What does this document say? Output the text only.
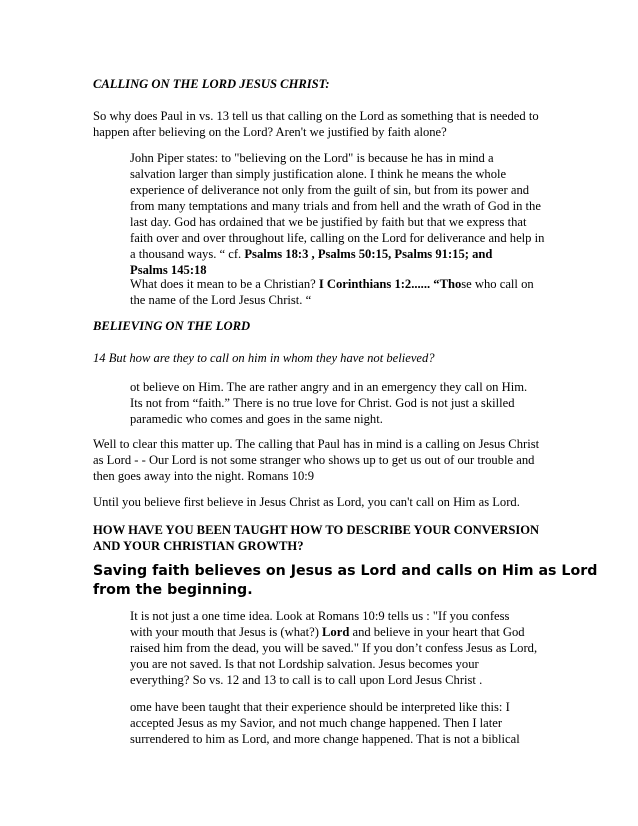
CALLING ON THE LORD JESUS CHRIST:

So why does Paul in vs. 13 tell us that calling on the Lord as something that is needed to
happen after believing on the Lord? Aren't we justified by faith alone?

John Piper states: to "believing on the Lord" is because he has in mind a
salvation larger than simply justification alone. I think he means the whole
experience of deliverance not only from the guilt of sin, but from its power and
from many temptations and many trials and from hell and the wrath of God in the
last day. God has ordained that we be justified by faith but that we express that
faith over and over throughout life, calling on the Lord for deliverance and help in
a thousand ways. “ cf. Psalms 18:3 , Psalms 50:15, Psalms 91:15; and
Psalms 145:18
What does it mean to be a Christian? I Corinthians 1:2...... “Those who call on
the name of the Lord Jesus Christ. “

BELIEVING ON THE LORD

14 But how are they to call on him in whom they have not believed?

ot believe on Him. The are rather angry and in an emergency they call on Him.
Its not from “faith.” There is no true love for Christ. God is not just a skilled
paramedic who comes and goes in the same night.

Well to clear this matter up. The calling that Paul has in mind is a calling on Jesus Christ
as Lord - - Our Lord is not some stranger who shows up to get us out of our trouble and
then goes away into the night. Romans 10:9

Until you believe first believe in Jesus Christ as Lord, you can't call on Him as Lord.

HOW HAVE YOU BEEN TAUGHT HOW TO DESCRIBE YOUR CONVERSION
AND YOUR CHRISTIAN GROWTH?

Saving faith believes on Jesus as Lord and calls on Him as Lord
from the beginning.

It is not just a one time idea. Look at Romans 10:9 tells us : "If you confess
with your mouth that Jesus is (what?) Lord and believe in your heart that God
raised him from the dead, you will be saved." If you don’t confess Jesus as Lord,
you are not saved. Is that not Lordship salvation. Jesus becomes your
everything? So vs. 12 and 13 to call is to call upon Lord Jesus Christ .
ome have been taught that their experience should be interpreted like this: I
accepted Jesus as my Savior, and not much change happened. Then I later
surrendered to him as Lord, and more change happened. That is not a biblical
